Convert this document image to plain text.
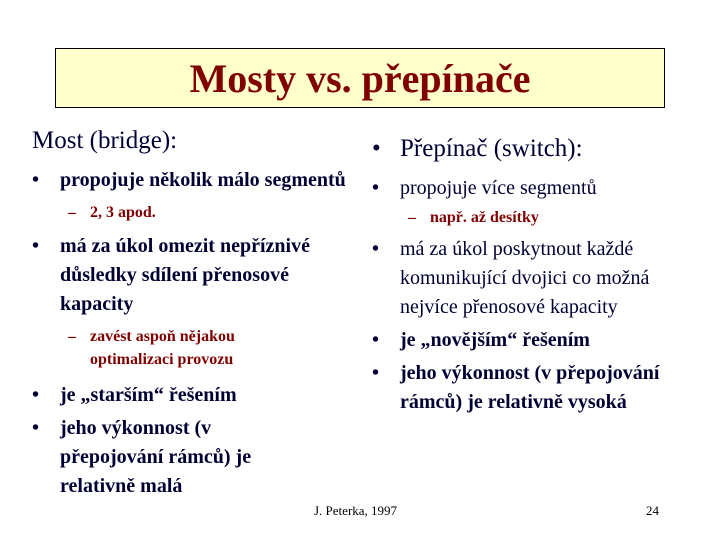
Mosty vs. přepínače
Most (bridge):
•	propojuje několik málo segmentů
– 2, 3 apod.
•	má za úkol omezit nepříznivé důsledky sdílení přenosové kapacity
– zavést aspoň nějakou optimalizaci provozu
•	je „starším“ řešením
•	jeho výkonnost (v přepojování rámců) je relativně malá
• Přepínač (switch):
•	propojuje více segmentů
– např. až desítky
•	má za úkol poskytnout každé komunikující dvojici co možná nejvíce přenosové kapacity
•	je „novějším“ řešením
•	jeho výkonnost (v přepojování rámců) je relativně vysoká
J. Peterka, 1997	24
